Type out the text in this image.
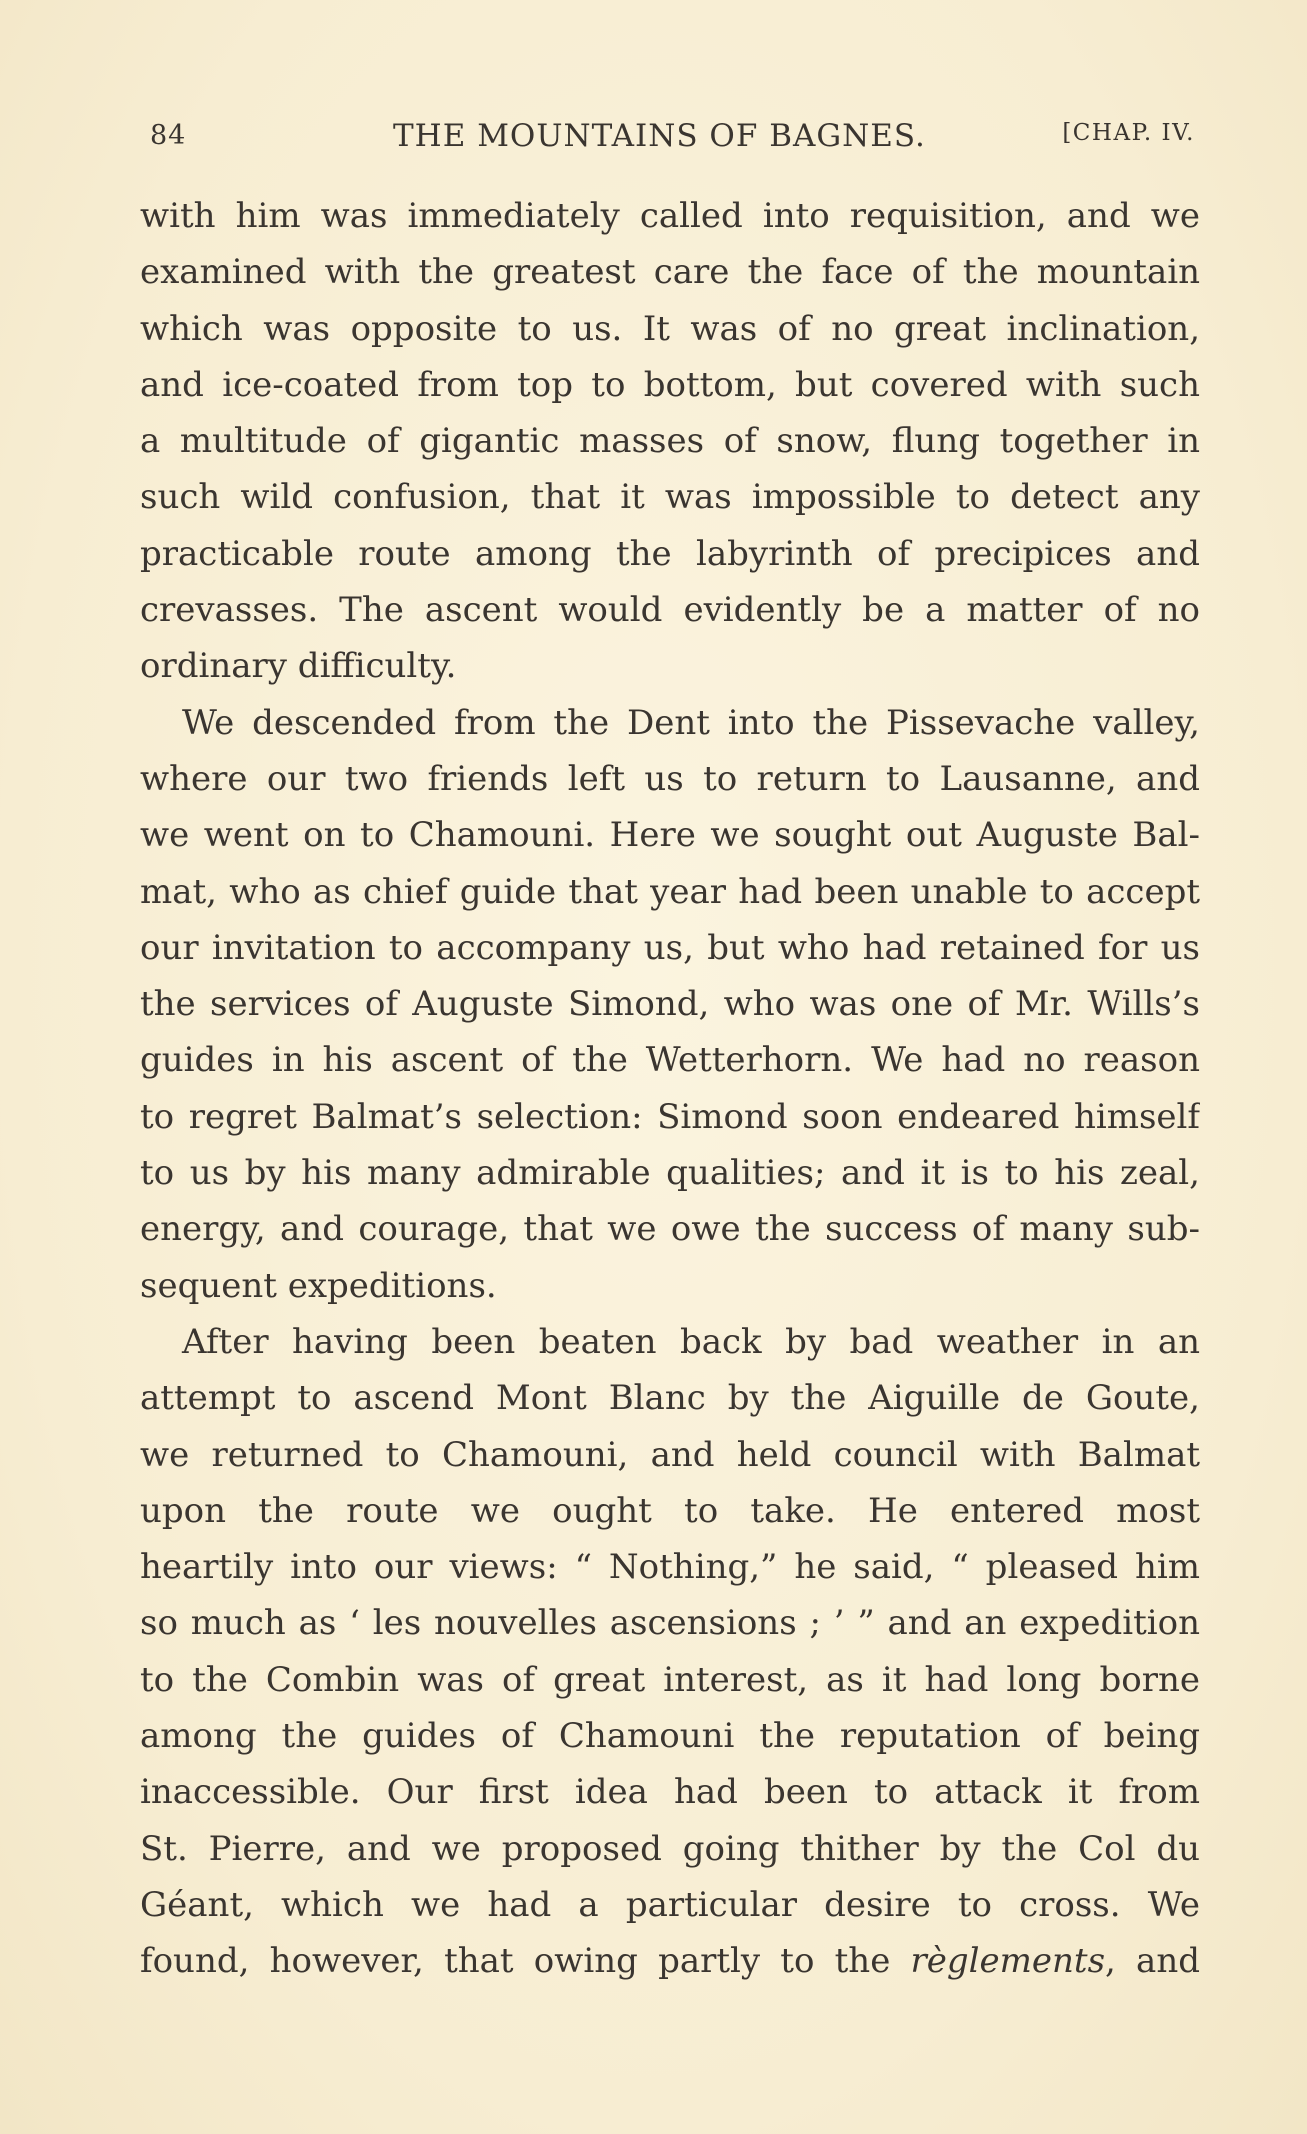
84	THE MOUNTAINS OF BAGNES.	[CHAP. IV.
with him was immediately called into requisition, and we
examined with the greatest care the face of the mountain
which was opposite to us. It was of no great inclination,
and ice-coated from top to bottom, but covered with such
a multitude of gigantic masses of snow, flung together in
such wild confusion, that it was impossible to detect any
practicable route among the labyrinth of precipices and
crevasses. The ascent would evidently be a matter of no
ordinary difficulty.
We descended from the Dent into the Pissevache valley,
where our two friends left us to return to Lausanne, and
we went on to Chamouni. Here we sought out Auguste Bal-
mat, who as chief guide that year had been unable to accept
our invitation to accompany us, but who had retained for us
the services of Auguste Simond, who was one of Mr. Wills’s
guides in his ascent of the Wetterhorn. We had no reason
to regret Balmat’s selection: Simond soon endeared himself
to us by his many admirable qualities; and it is to his zeal,
energy, and courage, that we owe the success of many sub-
sequent expeditions.
After having been beaten back by bad weather in an
attempt to ascend Mont Blanc by the Aiguille de Goute,
we returned to Chamouni, and held council with Balmat
upon the route we ought to take. He entered most
heartily into our views: “ Nothing,” he said, “ pleased him
so much as ‘ les nouvelles ascensions ; ’ ” and an expedition
to the Combin was of great interest, as it had long borne
among the guides of Chamouni the reputation of being
inaccessible. Our first idea had been to attack it from
St. Pierre, and we proposed going thither by the Col du
Géant, which we had a particular desire to cross. We
found, however, that owing partly to the règlements, and
